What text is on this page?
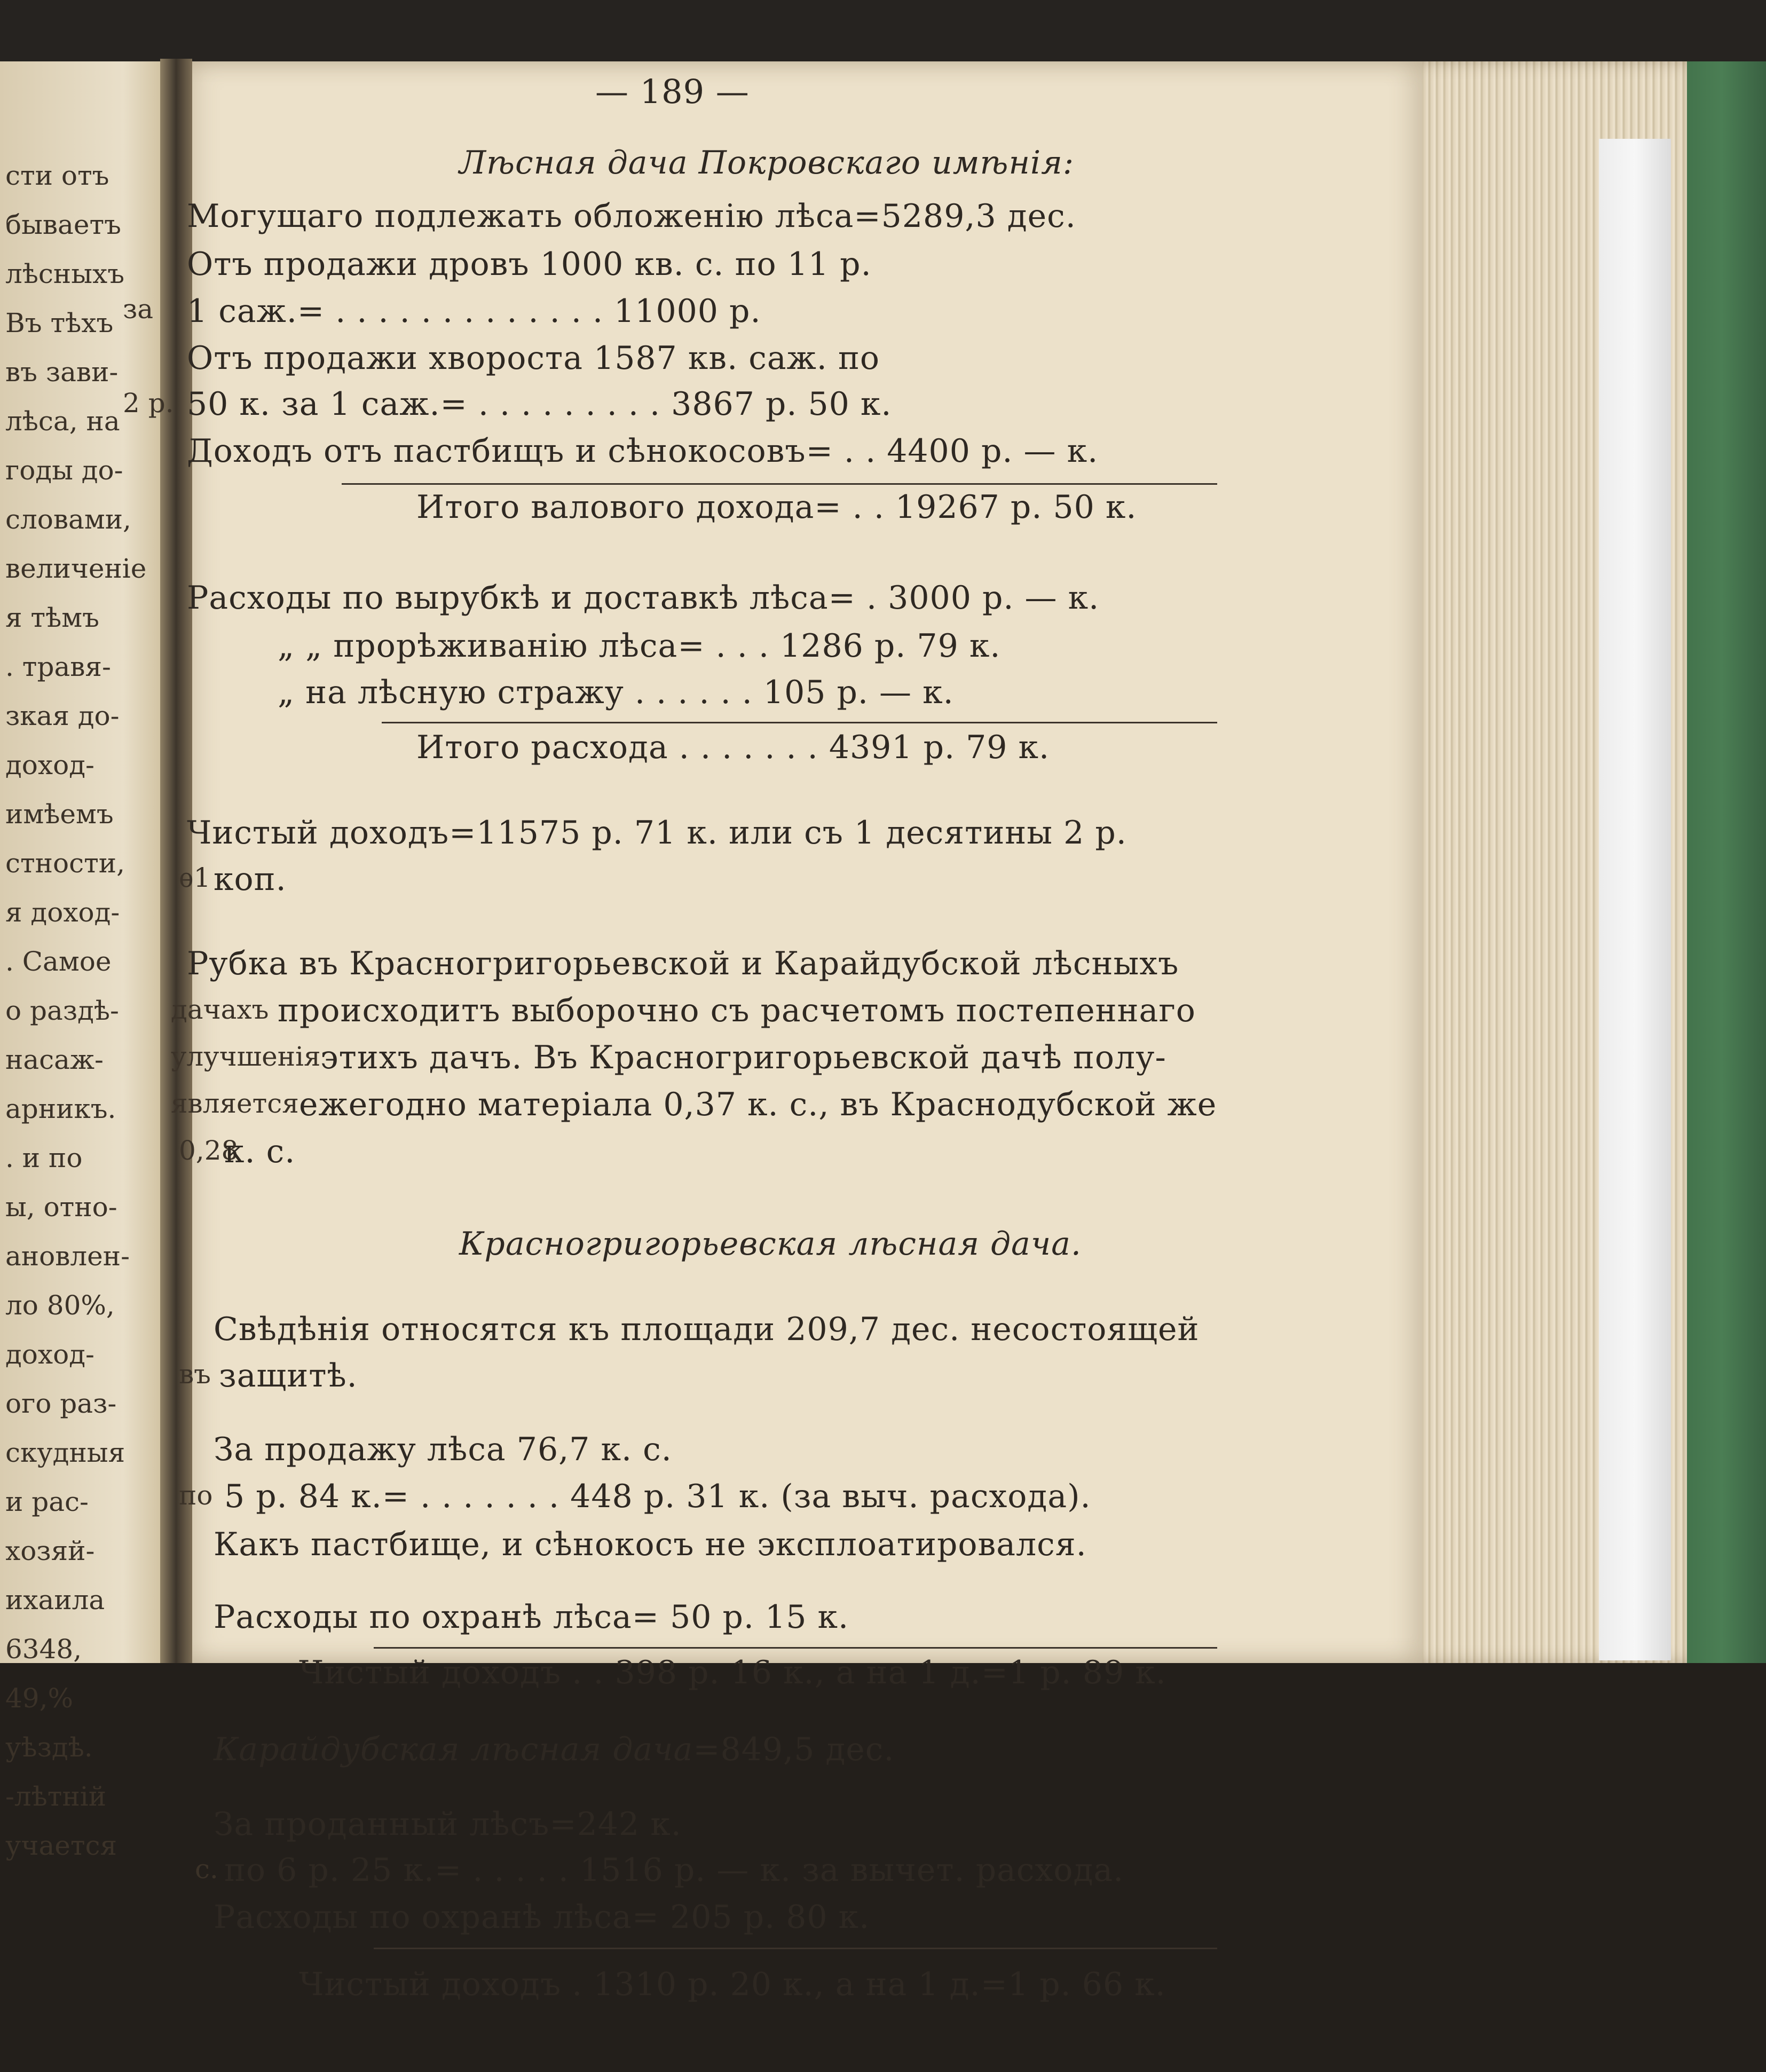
сти отъ
бываетъ
лѣсныхъ
Въ тѣхъ
въ зави-
лѣса, на
годы до-
словами,
величенiе
я тѣмъ
. травя-
зкая до-
доход-
имѣемъ
стности,
я доход-
. Самое
о раздѣ-
насаж-
арникъ.
. и по
ы, отно-
ановлен-
ло 80%,
доход-
ого раз-
скудныя
и рас-
хозяй-
ихаила
6348,
49,%
уѣздѣ.
-лѣтнiй
учается
— 189 —
Лѣсная дача Покровскаго имѣнiя:
Могущаго подлежать обложенiю лѣса=5289,3 дес.
Отъ продажи дровъ 1000 кв. с. по 11 р.
за 1 саж.= . . . . . . . . . . . . . 11000 р.
Отъ продажи хвороста 1587 кв. саж. по
2 р. 50 к. за 1 саж.= . . . . . . . . . 3867 р. 50 к.
Доходъ отъ пастбищъ и сѣнокосовъ= . . 4400 р. — к.
Итого валового дохода= . . 19267 р. 50 к.
Расходы по вырубкѣ и доставкѣ лѣса= . 3000 р. — к.
„ „ прорѣживанiю лѣса= . . . 1286 р. 79 к.
„ на лѣсную стражу . . . . . . 105 р. — к.
Итого расхода . . . . . . . 4391 р. 79 к.
Чистый доходъ=11575 р. 71 к. или съ 1 десятины 2 р.
ѳ1 коп.
Рубка въ Красногригорьевской и Карайдубской лѣсныхъ
дачахъ происходитъ выборочно съ расчетомъ постепеннаго
улучшенiя этихъ дачъ. Въ Красногригорьевской дачѣ полу-
является ежегодно матерiала 0,37 к. с., въ Краснодубской же
0,28
к. с.
Красногригорьевская лѣсная дача.
Свѣдѣнiя относятся къ площади 209,7 дес. несостоящей
въ защитѣ.
За продажу лѣса 76,7 к. с.
по 5 р. 84 к.= . . . . . . . 448 р. 31 к. (за выч. расхода).
Какъ пастбище, и сѣнокосъ не эксплоатировался.
Расходы по охранѣ лѣса= 50 р. 15 к.
Чистый доходъ . . 398 р. 16 к., а на 1 д.=1 р. 89 к.
Карайдубская лѣсная дача=849,5 дес.
За проданный лѣсъ=242 к.
с. по 6 р. 25 к.= . . . . . 1516 р. — к. за вычет. расхода.
Расходы по охранѣ лѣса= 205 р. 80 к.
Чистый доходъ . 1310 р. 20 к., а на 1 д.=1 р. 66 к.
